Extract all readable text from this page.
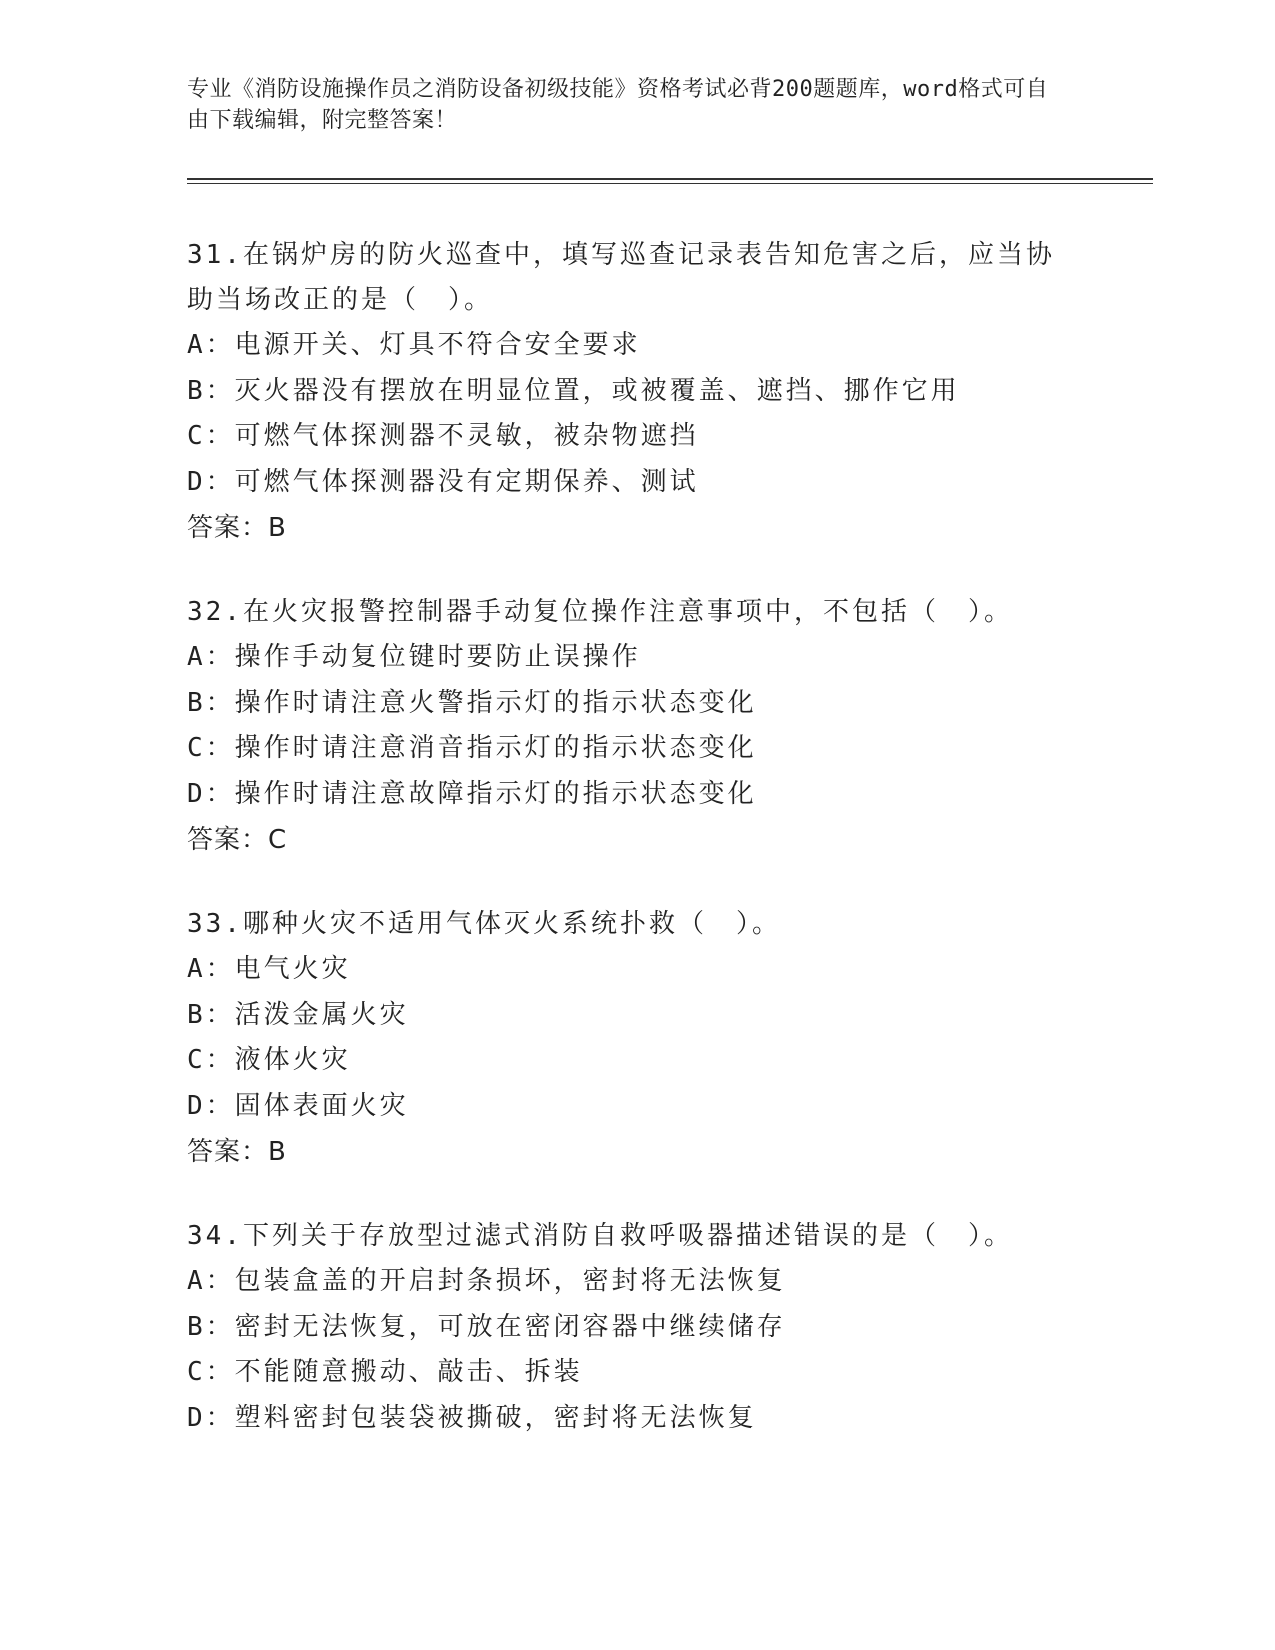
专业《消防设施操作员之消防设备初级技能》资格考试必背200题题库，word格式可自由下载编辑，附完整答案！
31.在锅炉房的防火巡查中，填写巡查记录表告知危害之后，应当协助当场改正的是（　）。
A：电源开关、灯具不符合安全要求
B：灭火器没有摆放在明显位置，或被覆盖、遮挡、挪作它用
C：可燃气体探测器不灵敏，被杂物遮挡
D：可燃气体探测器没有定期保养、测试
答案：B
32.在火灾报警控制器手动复位操作注意事项中，不包括（　）。
A：操作手动复位键时要防止误操作
B：操作时请注意火警指示灯的指示状态变化
C：操作时请注意消音指示灯的指示状态变化
D：操作时请注意故障指示灯的指示状态变化
答案：C
33.哪种火灾不适用气体灭火系统扑救（　）。
A：电气火灾
B：活泼金属火灾
C：液体火灾
D：固体表面火灾
答案：B
34.下列关于存放型过滤式消防自救呼吸器描述错误的是（　）。
A：包装盒盖的开启封条损坏，密封将无法恢复
B：密封无法恢复，可放在密闭容器中继续储存
C：不能随意搬动、敲击、拆装
D：塑料密封包装袋被撕破，密封将无法恢复
